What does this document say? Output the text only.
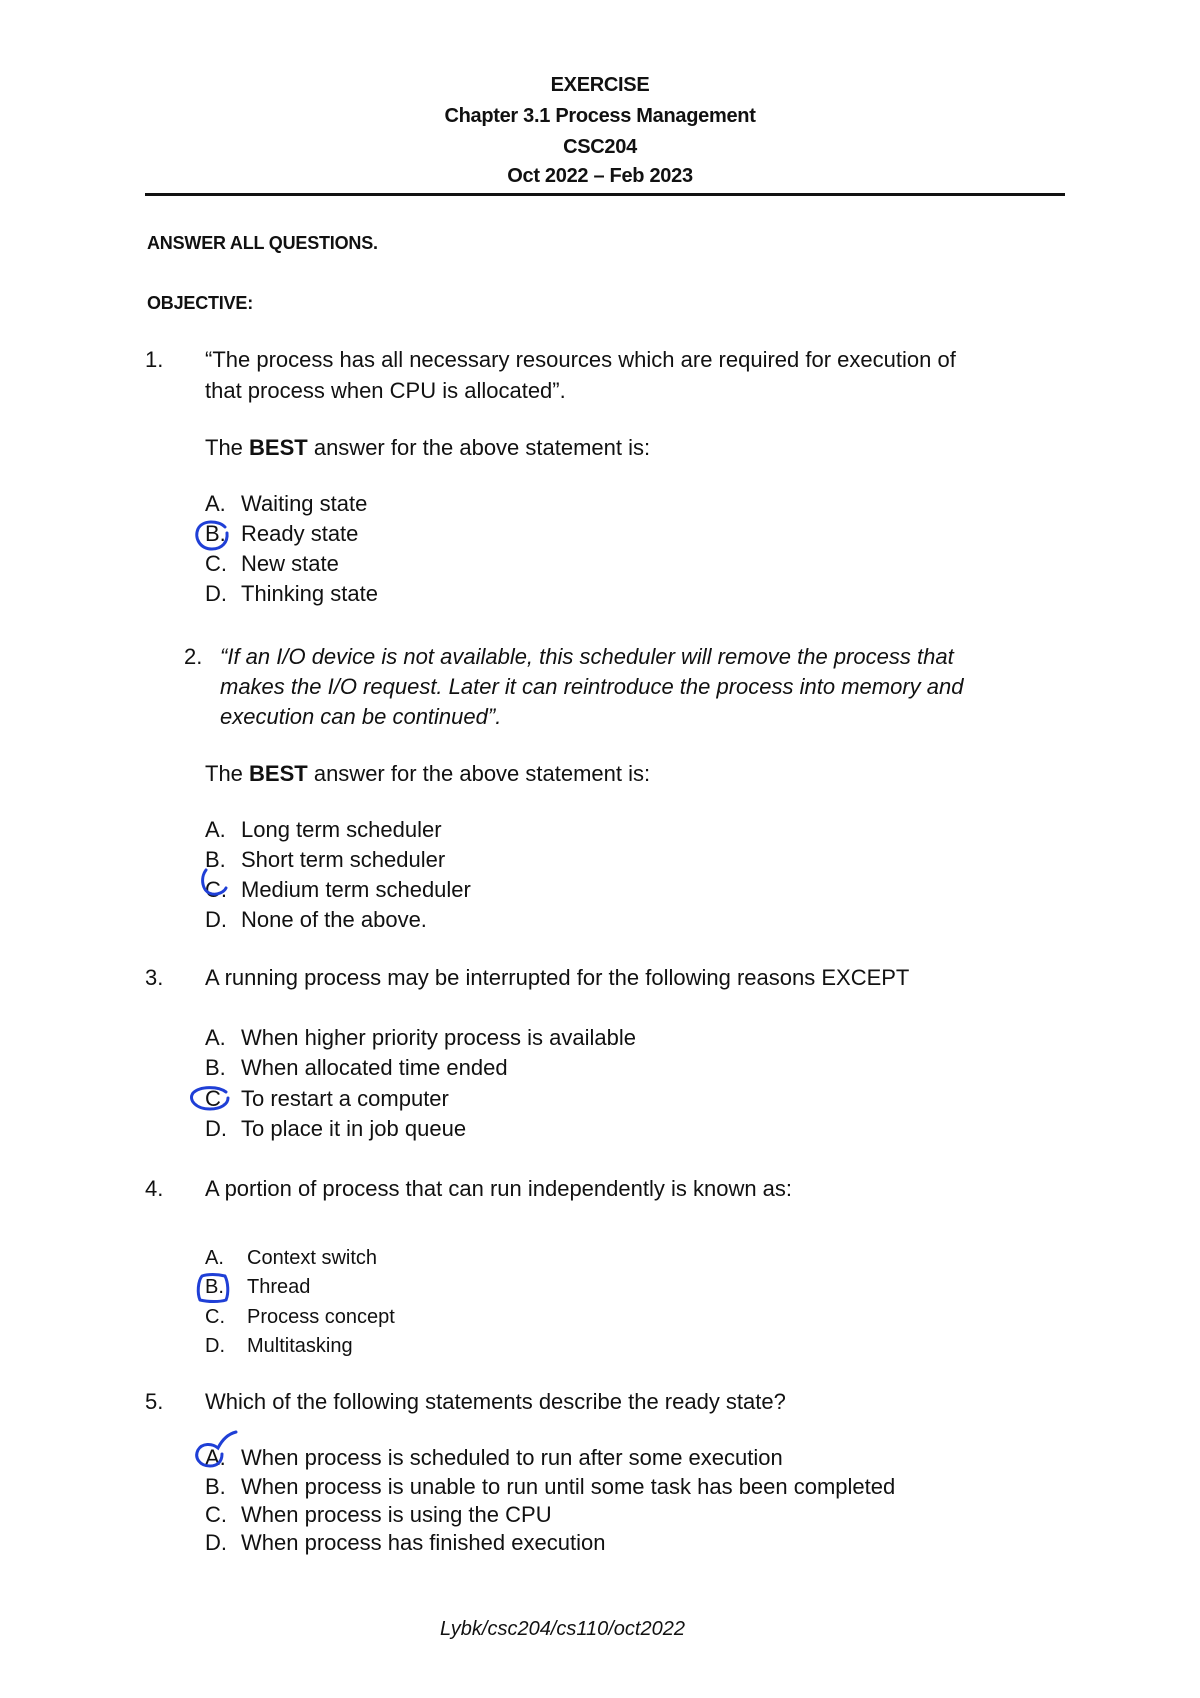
EXERCISE
Chapter 3.1 Process Management
CSC204
Oct 2022 – Feb 2023
ANSWER ALL QUESTIONS.
OBJECTIVE:
1. “The process has all necessary resources which are required for execution of
that process when CPU is allocated”.
The BEST answer for the above statement is:
A. Waiting state
B. Ready state
C. New state
D. Thinking state
2. “If an I/O device is not available, this scheduler will remove the process that
makes the I/O request. Later it can reintroduce the process into memory and
execution can be continued”.
The BEST answer for the above statement is:
A. Long term scheduler
B. Short term scheduler
C. Medium term scheduler
D. None of the above.
3. A running process may be interrupted for the following reasons EXCEPT
A. When higher priority process is available
B. When allocated time ended
C. To restart a computer
D. To place it in job queue
4. A portion of process that can run independently is known as:
A. Context switch
B. Thread
C. Process concept
D. Multitasking
5. Which of the following statements describe the ready state?
A. When process is scheduled to run after some execution
B. When process is unable to run until some task has been completed
C. When process is using the CPU
D. When process has finished execution
Lybk/csc204/cs110/oct2022
